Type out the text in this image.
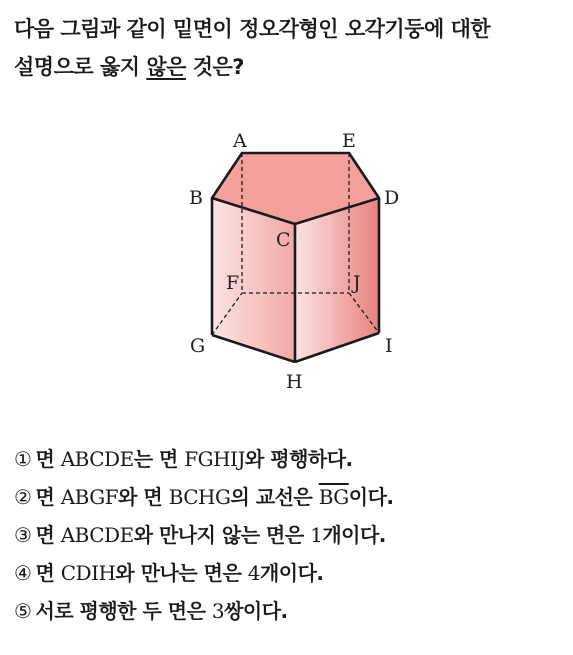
다음 그림과 같이 밑면이 정오각형인 오각기둥에 대한
설명으로 옳지 않은 것은?
A	E
B	D
C
F	J
G	I
H
① 면 ABCDE는 면 FGHIJ와 평행하다.
② 면 ABGF와 면 BCHG의 교선은 $\overline{BG}$이다.
③ 면 ABCDE와 만나지 않는 면은 1개이다.
④ 면 CDIH와 만나는 면은 4개이다.
⑤ 서로 평행한 두 면은 3쌍이다.
